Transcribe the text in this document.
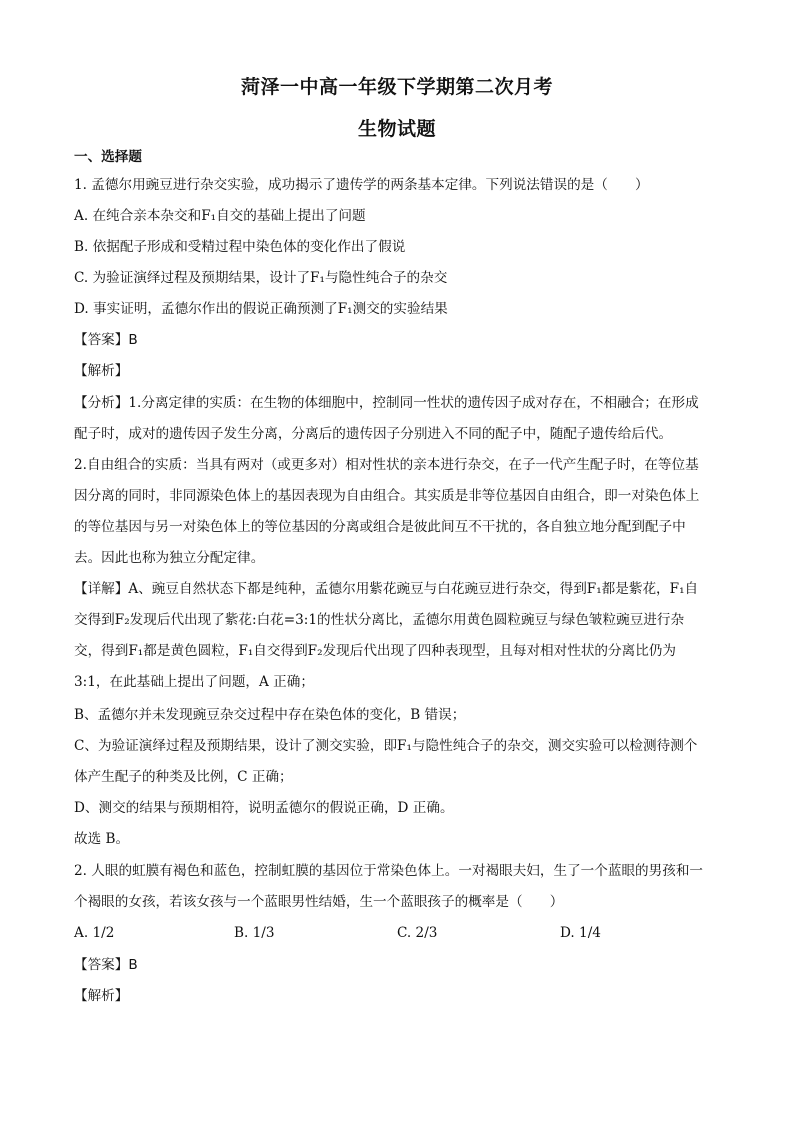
菏泽一中高一年级下学期第二次月考
生物试题
一、选择题
1. 孟德尔用豌豆进行杂交实验，成功揭示了遗传学的两条基本定律。下列说法错误的是（　　）
A. 在纯合亲本杂交和F₁自交的基础上提出了问题
B. 依据配子形成和受精过程中染色体的变化作出了假说
C. 为验证演绎过程及预期结果，设计了F₁与隐性纯合子的杂交
D. 事实证明，孟德尔作出的假说正确预测了F₁测交的实验结果
【答案】B
【解析】
【分析】1.分离定律的实质：在生物的体细胞中，控制同一性状的遗传因子成对存在，不相融合；在形成
配子时，成对的遗传因子发生分离，分离后的遗传因子分别进入不同的配子中，随配子遗传给后代。
2.自由组合的实质：当具有两对（或更多对）相对性状的亲本进行杂交，在子一代产生配子时，在等位基
因分离的同时，非同源染色体上的基因表现为自由组合。其实质是非等位基因自由组合，即一对染色体上
的等位基因与另一对染色体上的等位基因的分离或组合是彼此间互不干扰的，各自独立地分配到配子中
去。因此也称为独立分配定律。
【详解】A、豌豆自然状态下都是纯种，孟德尔用紫花豌豆与白花豌豆进行杂交，得到F₁都是紫花，F₁自
交得到F₂发现后代出现了紫花:白花=3:1的性状分离比，孟德尔用黄色圆粒豌豆与绿色皱粒豌豆进行杂
交，得到F₁都是黄色圆粒，F₁自交得到F₂发现后代出现了四种表现型，且每对相对性状的分离比仍为
3:1，在此基础上提出了问题，A 正确；
B、孟德尔并未发现豌豆杂交过程中存在染色体的变化，B 错误；
C、为验证演绎过程及预期结果，设计了测交实验，即F₁与隐性纯合子的杂交，测交实验可以检测待测个
体产生配子的种类及比例，C 正确；
D、测交的结果与预期相符，说明孟德尔的假说正确，D 正确。
故选 B。
2. 人眼的虹膜有褐色和蓝色，控制虹膜的基因位于常染色体上。一对褐眼夫妇，生了一个蓝眼的男孩和一
个褐眼的女孩，若该女孩与一个蓝眼男性结婚，生一个蓝眼孩子的概率是（　　）
A. 1/2	B. 1/3	C. 2/3	D. 1/4
【答案】B
【解析】
